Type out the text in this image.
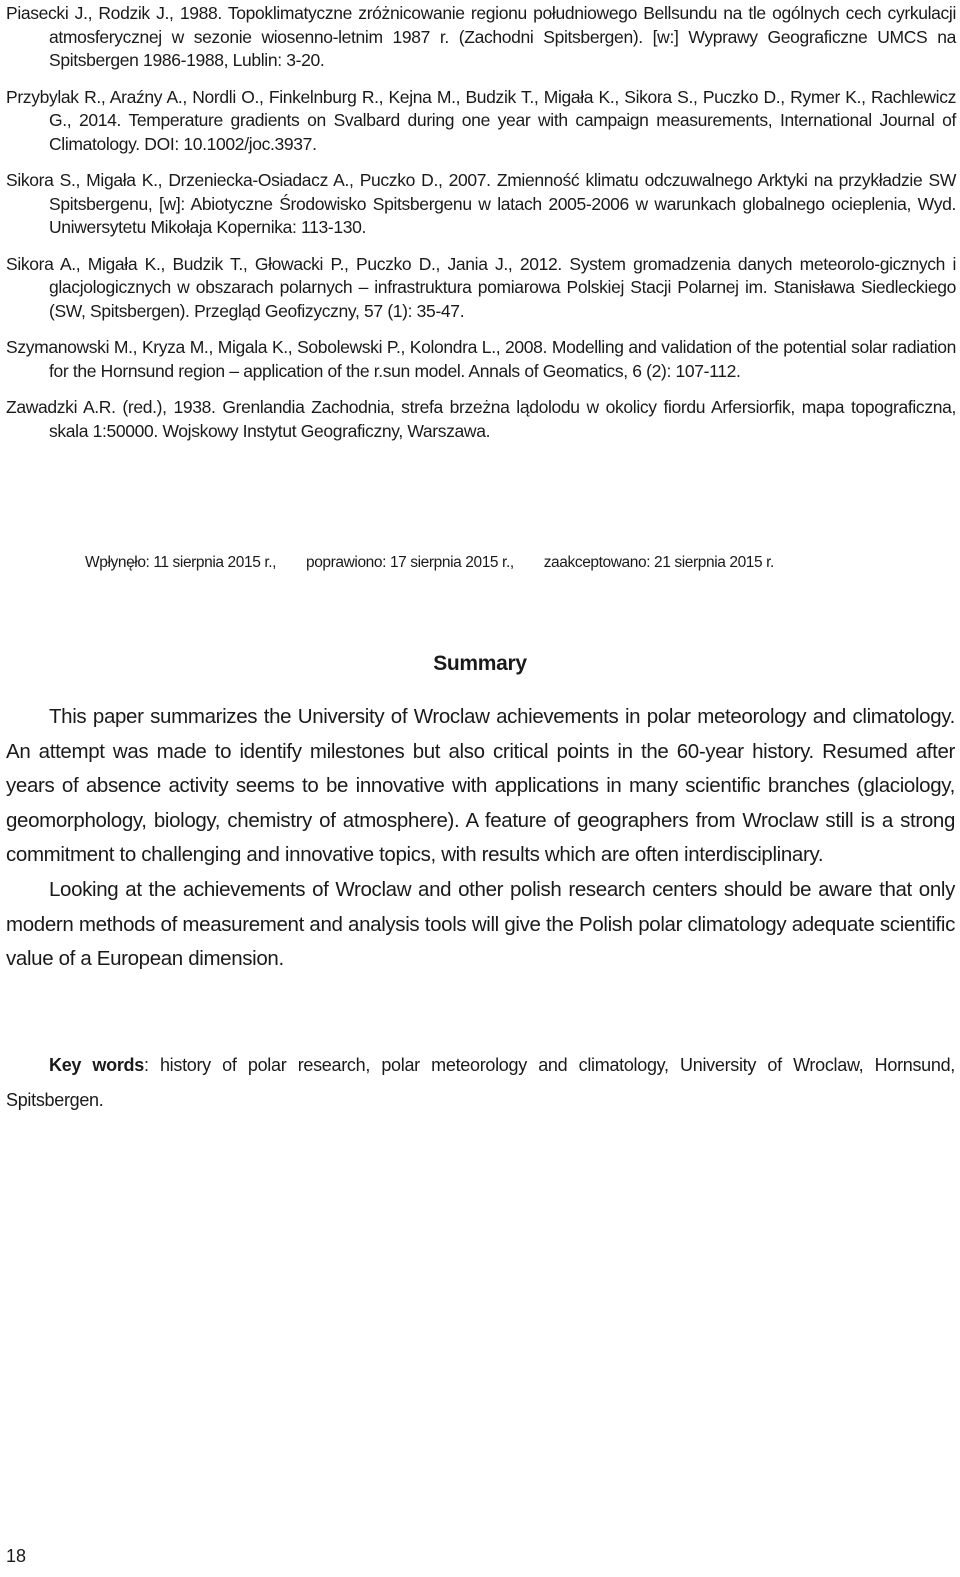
Piasecki J., Rodzik J., 1988. Topoklimatyczne zróżnicowanie regionu południowego Bellsundu na tle ogólnych cech cyrkulacji atmosferycznej w sezonie wiosenno-letnim 1987 r. (Zachodni Spitsbergen). [w:] Wyprawy Geograficzne UMCS na Spitsbergen 1986-1988, Lublin: 3-20.

Przybylak R., Araźny A., Nordli O., Finkelnburg R., Kejna M., Budzik T., Migała K., Sikora S., Puczko D., Rymer K., Rachlewicz G., 2014. Temperature gradients on Svalbard during one year with campaign measurements, International Journal of Climatology. DOI: 10.1002/joc.3937.

Sikora S., Migała K., Drzeniecka-Osiadacz A., Puczko D., 2007. Zmienność klimatu odczuwalnego Arktyki na przykładzie SW Spitsbergenu, [w]: Abiotyczne Środowisko Spitsbergenu w latach 2005-2006 w warunkach globalnego ocieplenia, Wyd. Uniwersytetu Mikołaja Kopernika: 113-130.

Sikora A., Migała K., Budzik T., Głowacki P., Puczko D., Jania J., 2012. System gromadzenia danych meteorolo-gicznych i glacjologicznych w obszarach polarnych – infrastruktura pomiarowa Polskiej Stacji Polarnej im. Stanisława Siedleckiego (SW, Spitsbergen). Przegląd Geofizyczny, 57 (1): 35-47.

Szymanowski M., Kryza M., Migala K., Sobolewski P., Kolondra L., 2008. Modelling and validation of the potential solar radiation for the Hornsund region – application of the r.sun model. Annals of Geomatics, 6 (2): 107-112.

Zawadzki A.R. (red.), 1938. Grenlandia Zachodnia, strefa brzeżna lądolodu w okolicy fiordu Arfersiorfik, mapa topograficzna, skala 1:50000. Wojskowy Instytut Geograficzny, Warszawa.

Wpłynęło: 11 sierpnia 2015 r., poprawiono: 17 sierpnia 2015 r., zaakceptowano: 21 sierpnia 2015 r.
Summary

This paper summarizes the University of Wroclaw achievements in polar meteorology and climatology. An attempt was made to identify milestones but also critical points in the 60-year history. Resumed after years of absence activity seems to be innovative with applications in many scientific branches (glaciology, geomorphology, biology, chemistry of atmosphere). A feature of geographers from Wroclaw still is a strong commitment to challenging and innovative topics, with results which are often interdisciplinary.

Looking at the achievements of Wroclaw and other polish research centers should be aware that only modern methods of measurement and analysis tools will give the Polish polar climatology adequate scientific value of a European dimension.

Key words: history of polar research, polar meteorology and climatology, University of Wroclaw, Hornsund, Spitsbergen.

18
